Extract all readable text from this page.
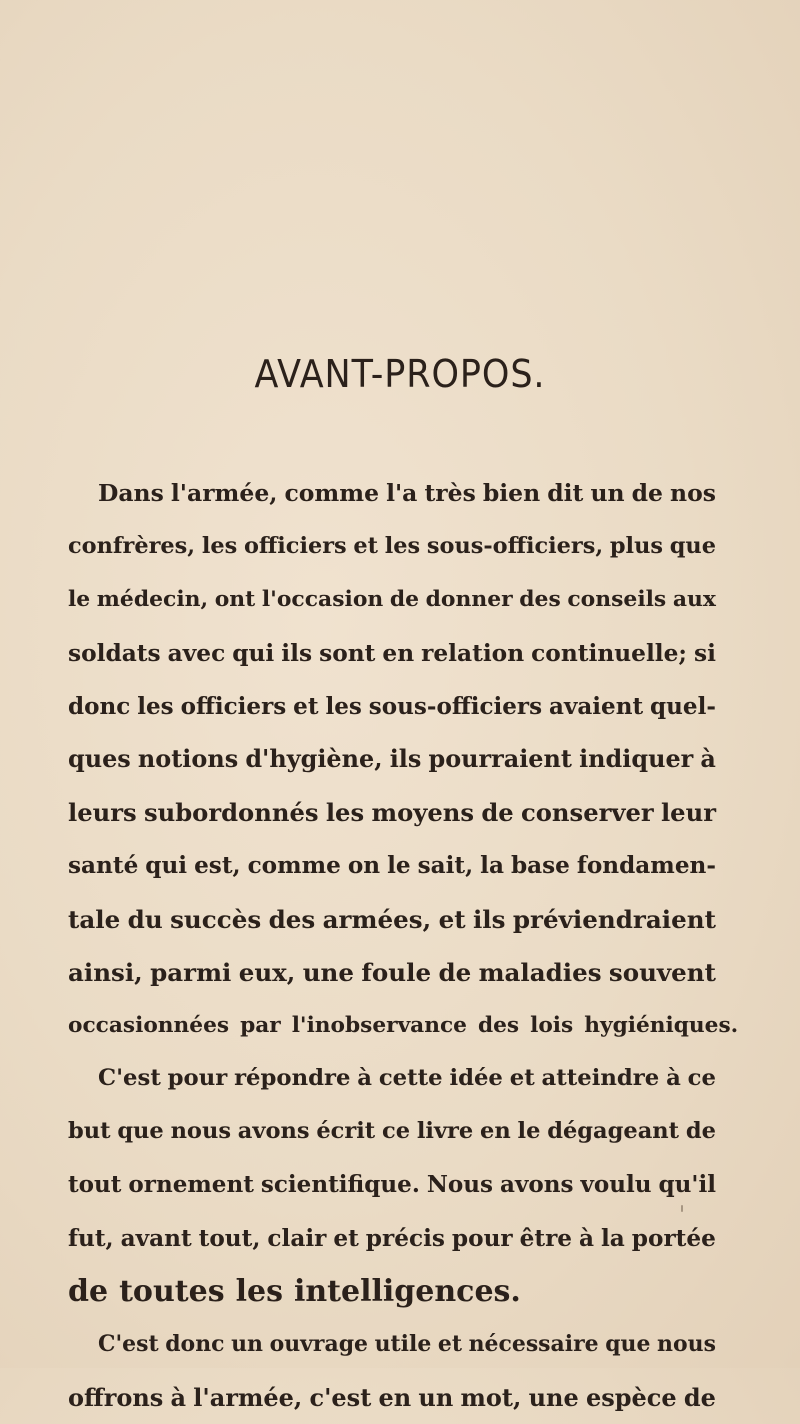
AVANT-PROPOS.
Dans l'armée, comme l'a très bien dit un de nos
confrères, les officiers et les sous-officiers, plus que
le médecin, ont l'occasion de donner des conseils aux
soldats avec qui ils sont en relation continuelle; si
donc les officiers et les sous-officiers avaient quel-
ques notions d'hygiène, ils pourraient indiquer à
leurs subordonnés les moyens de conserver leur
santé qui est, comme on le sait, la base fondamen-
tale du succès des armées, et ils préviendraient
ainsi, parmi eux, une foule de maladies souvent
occasionnées par l'inobservance des lois hygiéniques.
C'est pour répondre à cette idée et atteindre à ce
but que nous avons écrit ce livre en le dégageant de
tout ornement scientifique. Nous avons voulu qu'il
fut, avant tout, clair et précis pour être à la portée
de toutes les intelligences.
C'est donc un ouvrage utile et nécessaire que nous
offrons à l'armée, c'est en un mot, une espèce de
